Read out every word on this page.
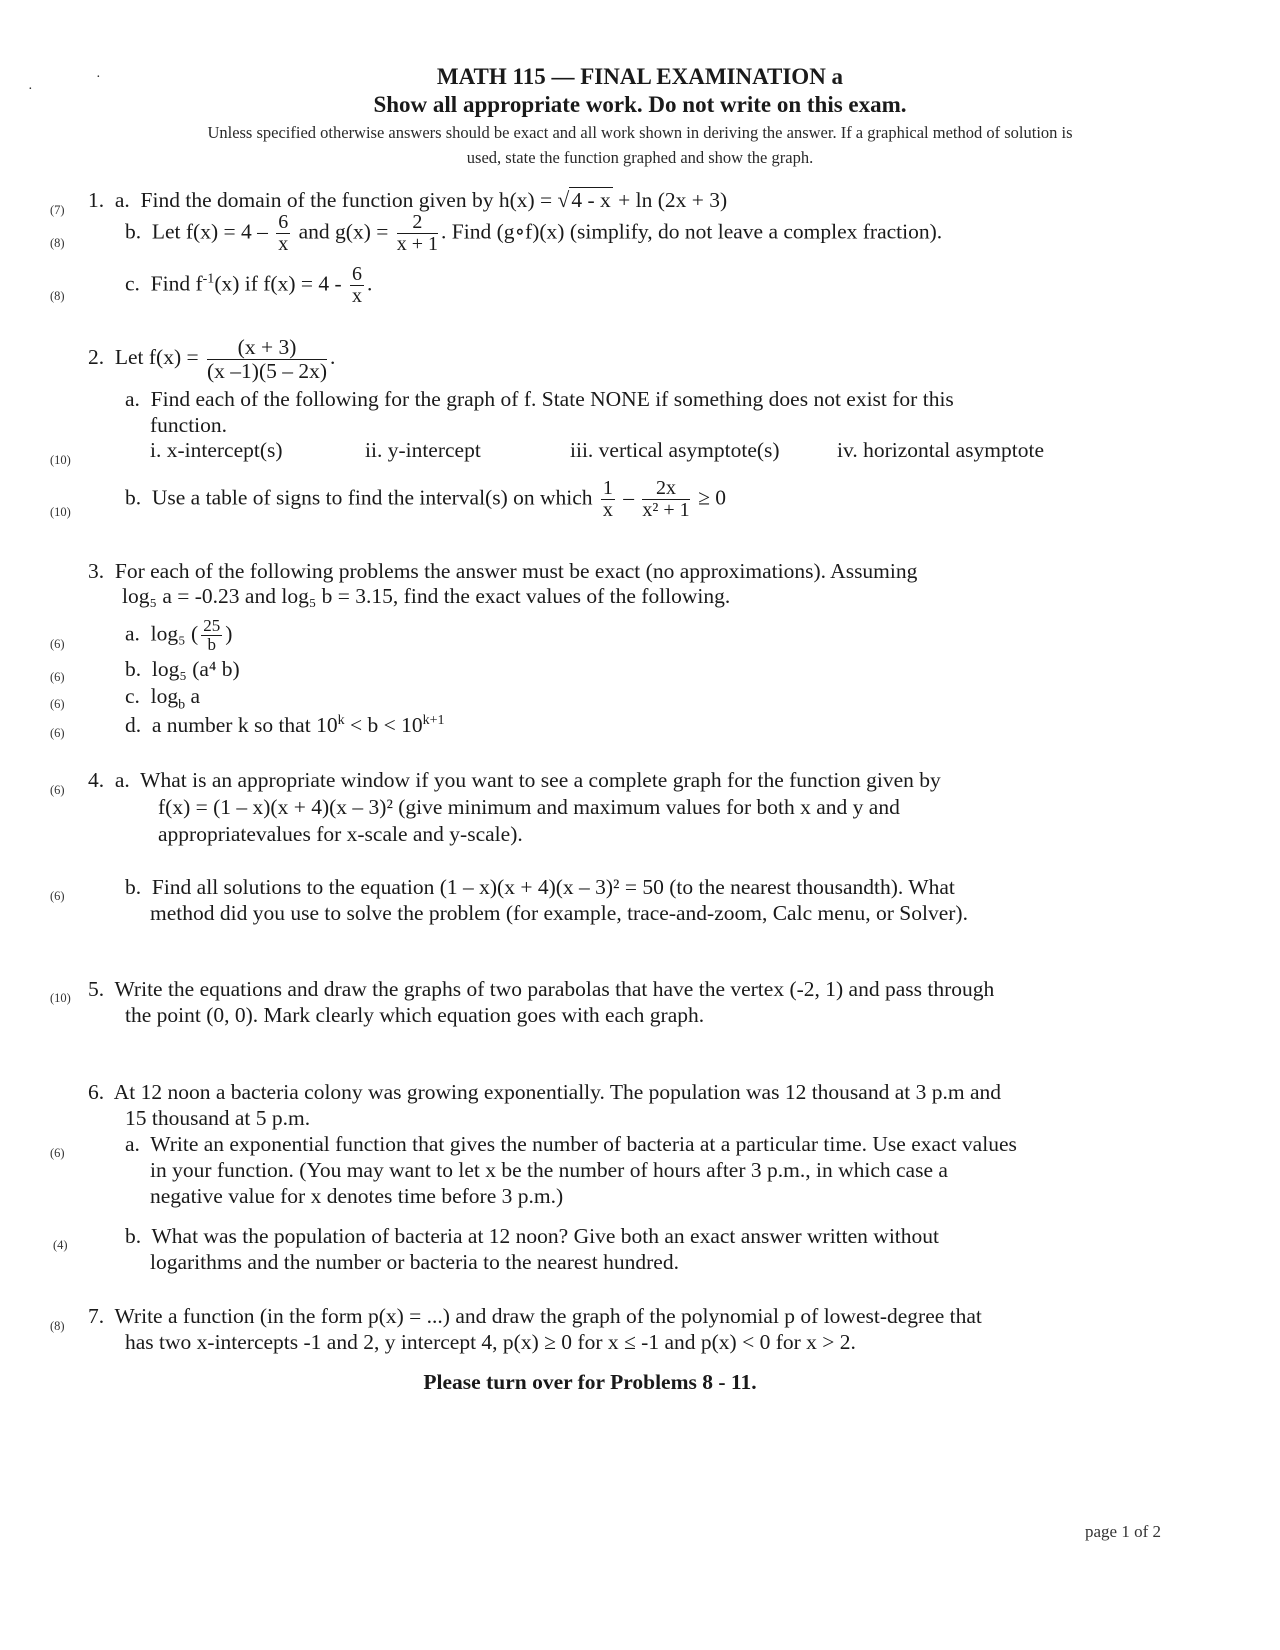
·
·
MATH 115 — FINAL EXAMINATION a
Show all appropriate work. Do not write on this exam.
Unless specified otherwise answers should be exact and all work shown in deriving the answer. If a graphical method of solution is
used, state the function graphed and show the graph.
(7) 1. a. Find the domain of the function given by h(x) = √4 - x + ln (2x + 3)
(8)	b. Let $f(x) = 4 - \frac{6}{x}$ and $g(x) = \frac{2}{x + 1}$ . Find (g∘f)(x) (simplify, do not leave a complex fraction).
(8)
c. Find $f^{-1}(x)$ if $f(x) = 4 - \frac{6}{x}$ .
2. Let $f(x) = \frac{(x + 3)}{(x -1)(5 - 2x)}$ .
a. Find each of the following for the graph of f. State NONE if something does not exist for this
function.
(10)	i. x-intercept(s)	ii. y-intercept	iii. vertical asymptote(s)	iv. horizontal asymptote
(10)
b. Use a table of signs to find the interval(s) on which $\frac{1}{x} - \frac{2x}{\text{x² + 1}} \ge 0$
3. For each of the following problems the answer must be exact (no approximations). Assuming
log₅ a = -0.23 and log₅ b = 3.15, find the exact values of the following.
(6)	a. log₅ ( $\frac{25}{b}$ )
(6)	b. log₅ (a⁴ b)
(6)	c. $\log_b a$
(6)	d. a number k so that $10^k < b < 10^{k+1}$
(6) 4. a. What is an appropriate window if you want to see a complete graph for the function given by
f(x) = (1 – x)(x + 4)(x – 3)² (give minimum and maximum values for both x and y and
appropriatevalues for x-scale and y-scale).
(6)	b. Find all solutions to the equation (1 – x)(x + 4)(x – 3)² = 50 (to the nearest thousandth). What
method did you use to solve the problem (for example, trace-and-zoom, Calc menu, or Solver).
(10) 5. Write the equations and draw the graphs of two parabolas that have the vertex (-2, 1) and pass through
the point (0, 0). Mark clearly which equation goes with each graph.
6. At 12 noon a bacteria colony was growing exponentially. The population was 12 thousand at 3 p.m and
15 thousand at 5 p.m.
(6)	a. Write an exponential function that gives the number of bacteria at a particular time. Use exact values
in your function. (You may want to let x be the number of hours after 3 p.m., in which case a
negative value for x denotes time before 3 p.m.)
(4)	b. What was the population of bacteria at 12 noon? Give both an exact answer written without
logarithms and the number or bacteria to the nearest hundred.
(8) 7. Write a function (in the form p(x) = ...) and draw the graph of the polynomial p of lowest-degree that
has two x-intercepts -1 and 2, y intercept 4, p(x) ≥ 0 for x ≤ -1 and p(x) < 0 for x > 2.
Please turn over for Problems 8 - 11.
page 1 of 2
